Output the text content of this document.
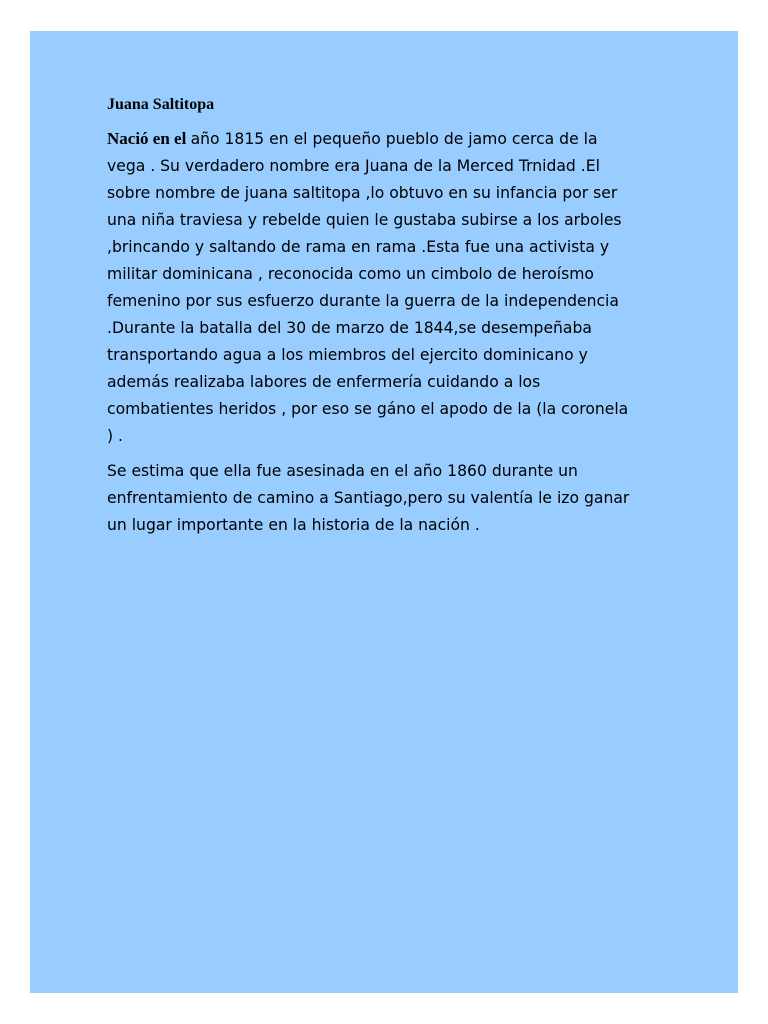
Juana Saltitopa
Nació en el año 1815 en el pequeño pueblo de jamo cerca de la
vega . Su verdadero nombre era Juana de la Merced Trnidad .El
sobre nombre de juana saltitopa ,lo obtuvo en su infancia por ser
una niña traviesa y rebelde quien le gustaba subirse a los arboles
,brincando y saltando de rama en rama .Esta fue una activista y
militar dominicana , reconocida como un cimbolo de heroísmo
femenino por sus esfuerzo durante la guerra de la independencia
.Durante la batalla del 30 de marzo de 1844,se desempeñaba
transportando agua a los miembros del ejercito dominicano y
además realizaba labores de enfermería cuidando a los
combatientes heridos , por eso se gáno el apodo de la (la coronela
) .
Se estima que ella fue asesinada en el año 1860 durante un
enfrentamiento de camino a Santiago,pero su valentía le izo ganar
un lugar importante en la historia de la nación .
